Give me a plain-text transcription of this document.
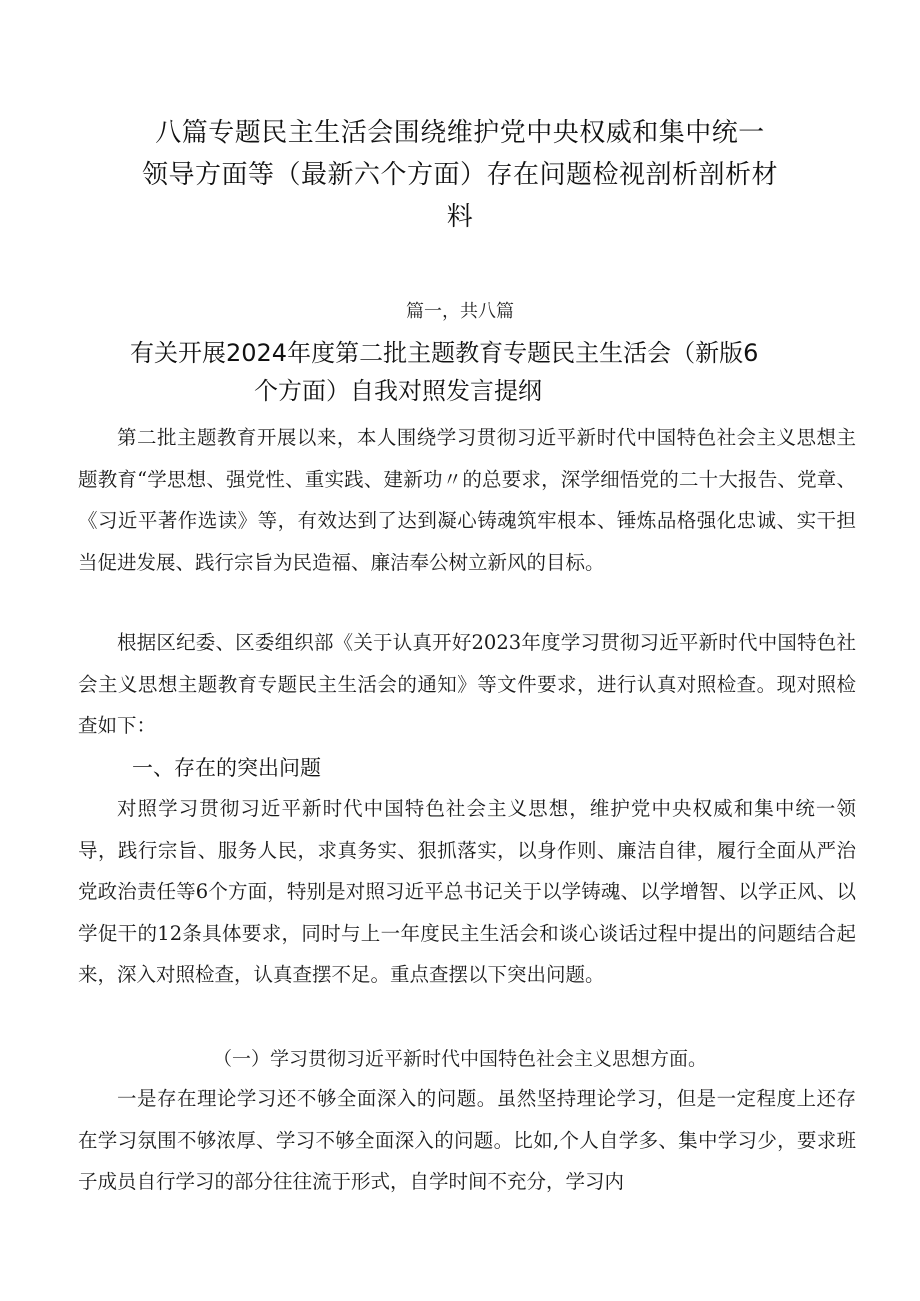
八篇专题民主生活会围绕维护党中央权威和集中统一
领导方面等（最新六个方面）存在问题检视剖析剖析材
料
篇一，共八篇
有关开展2024年度第二批主题教育专题民主生活会（新版6
个方面）自我对照发言提纲

第二批主题教育开展以来，本人围绕学习贯彻习近平新时代中国特色社会主义思想主题教育“学思想、强党性、重实践、建新功〃的总要求，深学细悟党的二十大报告、党章、《习近平著作选读》等，有效达到了达到凝心铸魂筑牢根本、锤炼品格强化忠诚、实干担当促进发展、践行宗旨为民造福、廉洁奉公树立新风的目标。

根据区纪委、区委组织部《关于认真开好2023年度学习贯彻习近平新时代中国特色社会主义思想主题教育专题民主生活会的通知》等文件要求，进行认真对照检查。现对照检查如下：

一、存在的突出问题

对照学习贯彻习近平新时代中国特色社会主义思想，维护党中央权威和集中统一领导，践行宗旨、服务人民，求真务实、狠抓落实，以身作则、廉洁自律，履行全面从严治党政治责任等6个方面，特别是对照习近平总书记关于以学铸魂、以学增智、以学正风、以学促干的12条具体要求，同时与上一年度民主生活会和谈心谈话过程中提出的问题结合起来，深入对照检查，认真查摆不足。重点查摆以下突出问题。

（一）学习贯彻习近平新时代中国特色社会主义思想方面。

一是存在理论学习还不够全面深入的问题。虽然坚持理论学习，但是一定程度上还存在学习氛围不够浓厚、学习不够全面深入的问题。比如,个人自学多、集中学习少，要求班子成员自行学习的部分往往流于形式，自学时间不充分，学习内
